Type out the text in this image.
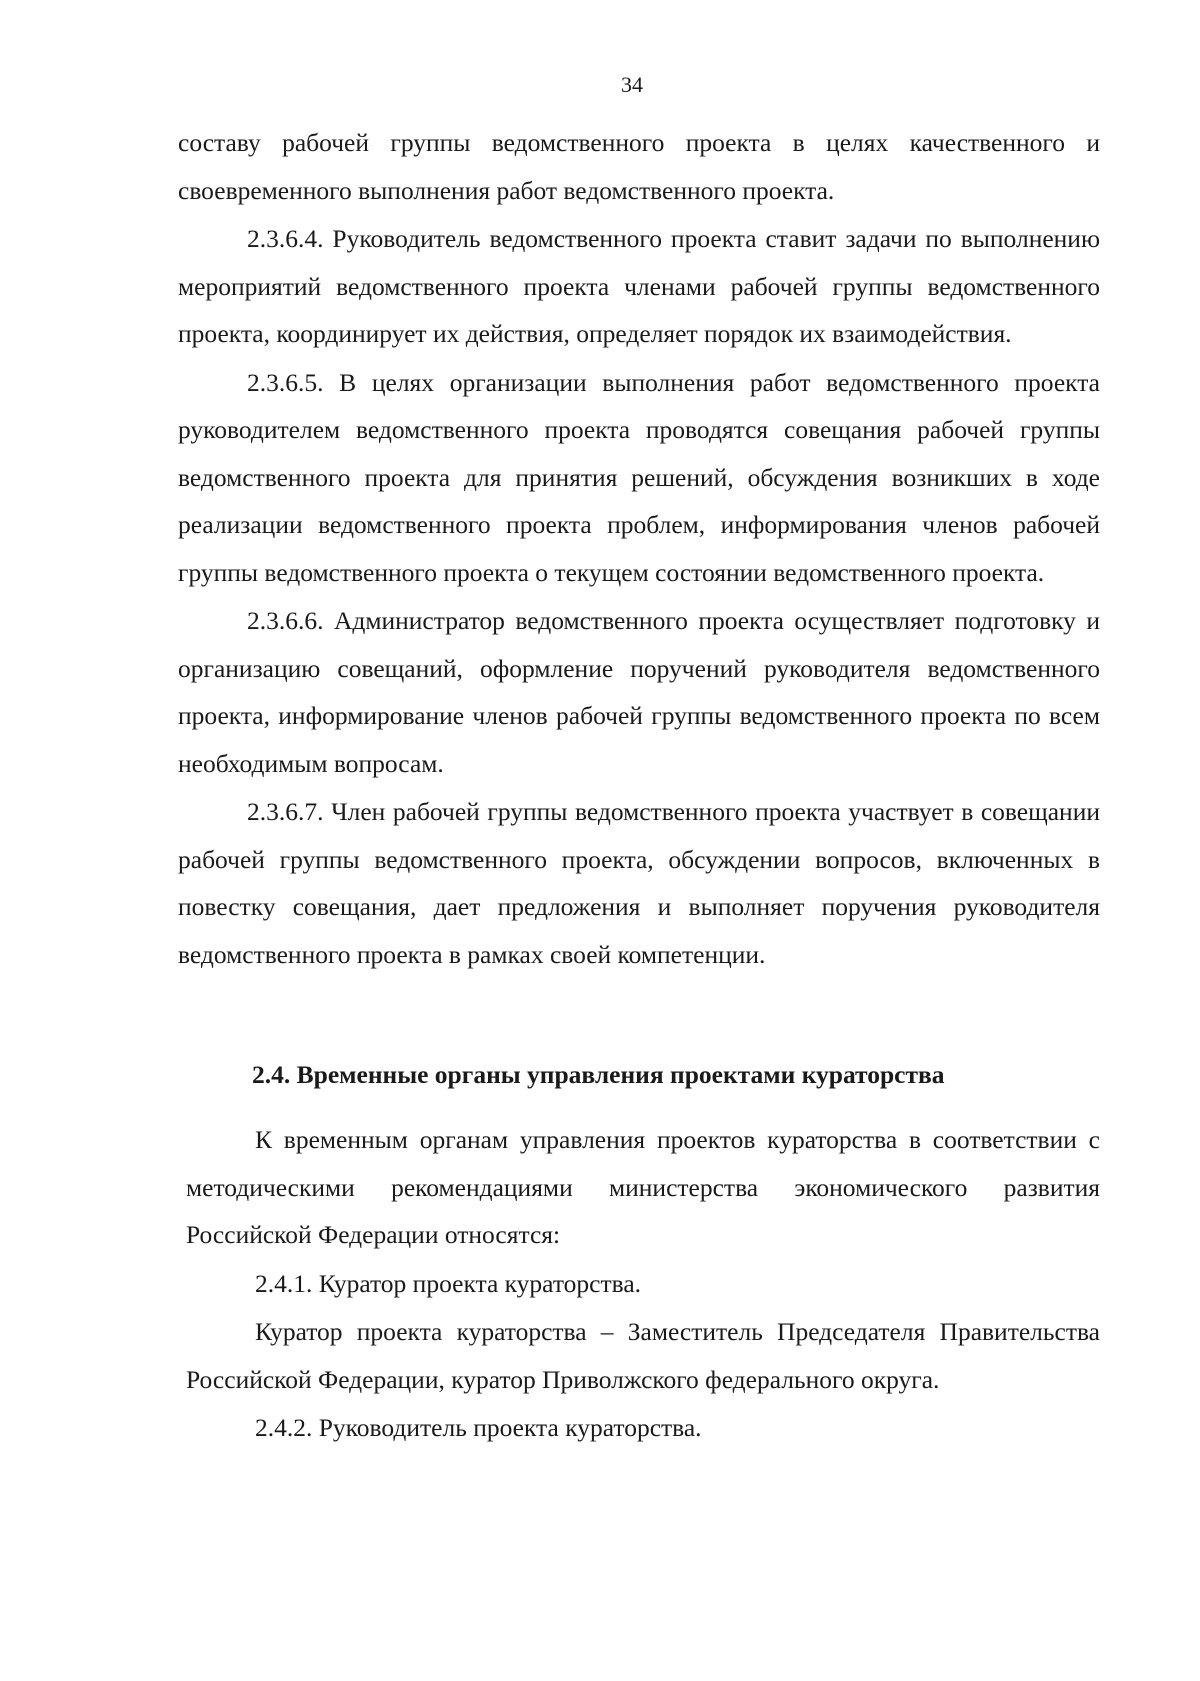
34

составу рабочей группы ведомственного проекта в целях качественного и своевременного выполнения работ ведомственного проекта.

2.3.6.4. Руководитель ведомственного проекта ставит задачи по выполнению мероприятий ведомственного проекта членами рабочей группы ведомственного проекта, координирует их действия, определяет порядок их взаимодействия.

2.3.6.5. В целях организации выполнения работ ведомственного проекта руководителем ведомственного проекта проводятся совещания рабочей группы ведомственного проекта для принятия решений, обсуждения возникших в ходе реализации ведомственного проекта проблем, информирования членов рабочей группы ведомственного проекта о текущем состоянии ведомственного проекта.

2.3.6.6. Администратор ведомственного проекта осуществляет подготовку и организацию совещаний, оформление поручений руководителя ведомственного проекта, информирование членов рабочей группы ведомственного проекта по всем необходимым вопросам.

2.3.6.7. Член рабочей группы ведомственного проекта участвует в совещании рабочей группы ведомственного проекта, обсуждении вопросов, включенных в повестку совещания, дает предложения и выполняет поручения руководителя ведомственного проекта в рамках своей компетенции.

2.4. Временные органы управления проектами кураторства

К временным органам управления проектов кураторства в соответствии с методическими рекомендациями министерства экономического развития Российской Федерации относятся:

2.4.1. Куратор проекта кураторства.

Куратор проекта кураторства – Заместитель Председателя Правительства Российской Федерации, куратор Приволжского федерального округа.

2.4.2. Руководитель проекта кураторства.
